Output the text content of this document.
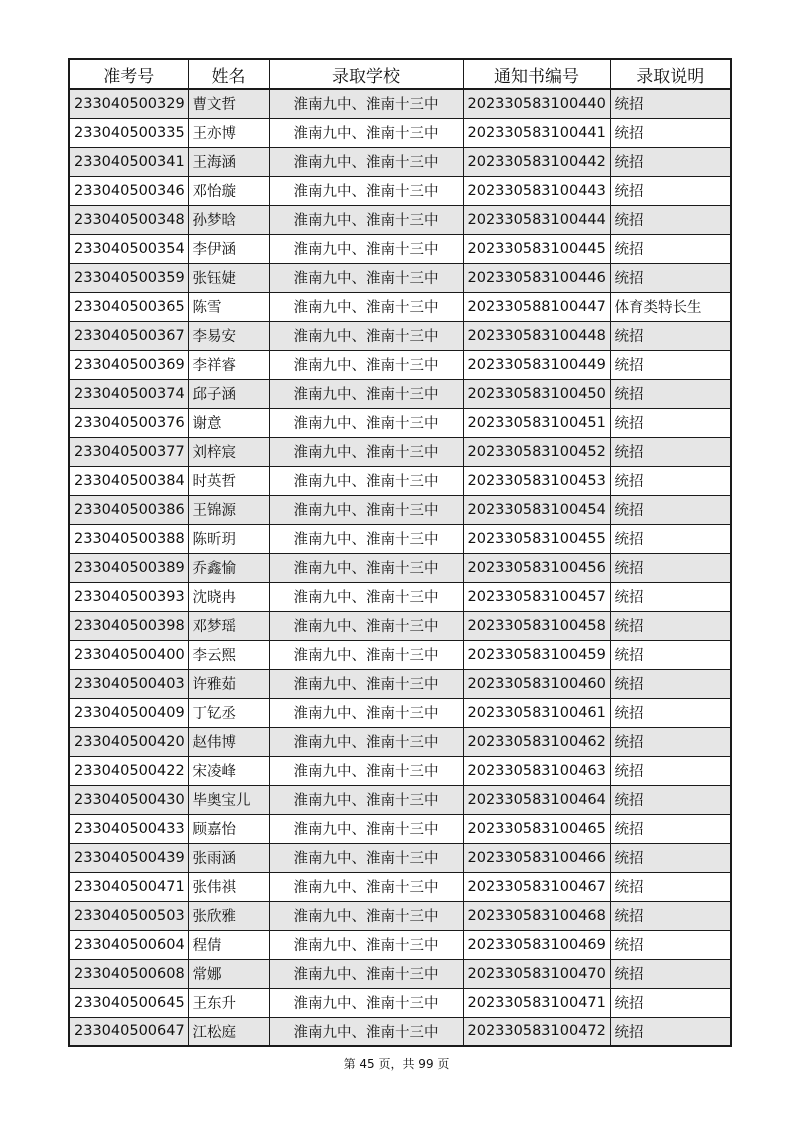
准考号	姓名	录取学校	通知书编号	录取说明
233040500329	曹文哲	淮南九中、淮南十三中	202330583100440	统招
233040500335	王亦博	淮南九中、淮南十三中	202330583100441	统招
233040500341	王海涵	淮南九中、淮南十三中	202330583100442	统招
233040500346	邓怡璇	淮南九中、淮南十三中	202330583100443	统招
233040500348	孙梦晗	淮南九中、淮南十三中	202330583100444	统招
233040500354	李伊涵	淮南九中、淮南十三中	202330583100445	统招
233040500359	张钰婕	淮南九中、淮南十三中	202330583100446	统招
233040500365	陈雪	淮南九中、淮南十三中	202330588100447	体育类特长生
233040500367	李易安	淮南九中、淮南十三中	202330583100448	统招
233040500369	李祥睿	淮南九中、淮南十三中	202330583100449	统招
233040500374	邱子涵	淮南九中、淮南十三中	202330583100450	统招
233040500376	谢意	淮南九中、淮南十三中	202330583100451	统招
233040500377	刘梓宸	淮南九中、淮南十三中	202330583100452	统招
233040500384	时英哲	淮南九中、淮南十三中	202330583100453	统招
233040500386	王锦源	淮南九中、淮南十三中	202330583100454	统招
233040500388	陈昕玥	淮南九中、淮南十三中	202330583100455	统招
233040500389	乔鑫愉	淮南九中、淮南十三中	202330583100456	统招
233040500393	沈晓冉	淮南九中、淮南十三中	202330583100457	统招
233040500398	邓梦瑶	淮南九中、淮南十三中	202330583100458	统招
233040500400	李云熙	淮南九中、淮南十三中	202330583100459	统招
233040500403	许雅茹	淮南九中、淮南十三中	202330583100460	统招
233040500409	丁钇丞	淮南九中、淮南十三中	202330583100461	统招
233040500420	赵伟博	淮南九中、淮南十三中	202330583100462	统招
233040500422	宋凌峰	淮南九中、淮南十三中	202330583100463	统招
233040500430	毕奥宝儿	淮南九中、淮南十三中	202330583100464	统招
233040500433	顾嘉怡	淮南九中、淮南十三中	202330583100465	统招
233040500439	张雨涵	淮南九中、淮南十三中	202330583100466	统招
233040500471	张伟祺	淮南九中、淮南十三中	202330583100467	统招
233040500503	张欣雅	淮南九中、淮南十三中	202330583100468	统招
233040500604	程倩	淮南九中、淮南十三中	202330583100469	统招
233040500608	常娜	淮南九中、淮南十三中	202330583100470	统招
233040500645	王东升	淮南九中、淮南十三中	202330583100471	统招
233040500647	江松庭	淮南九中、淮南十三中	202330583100472	统招
第 45 页，共 99 页
